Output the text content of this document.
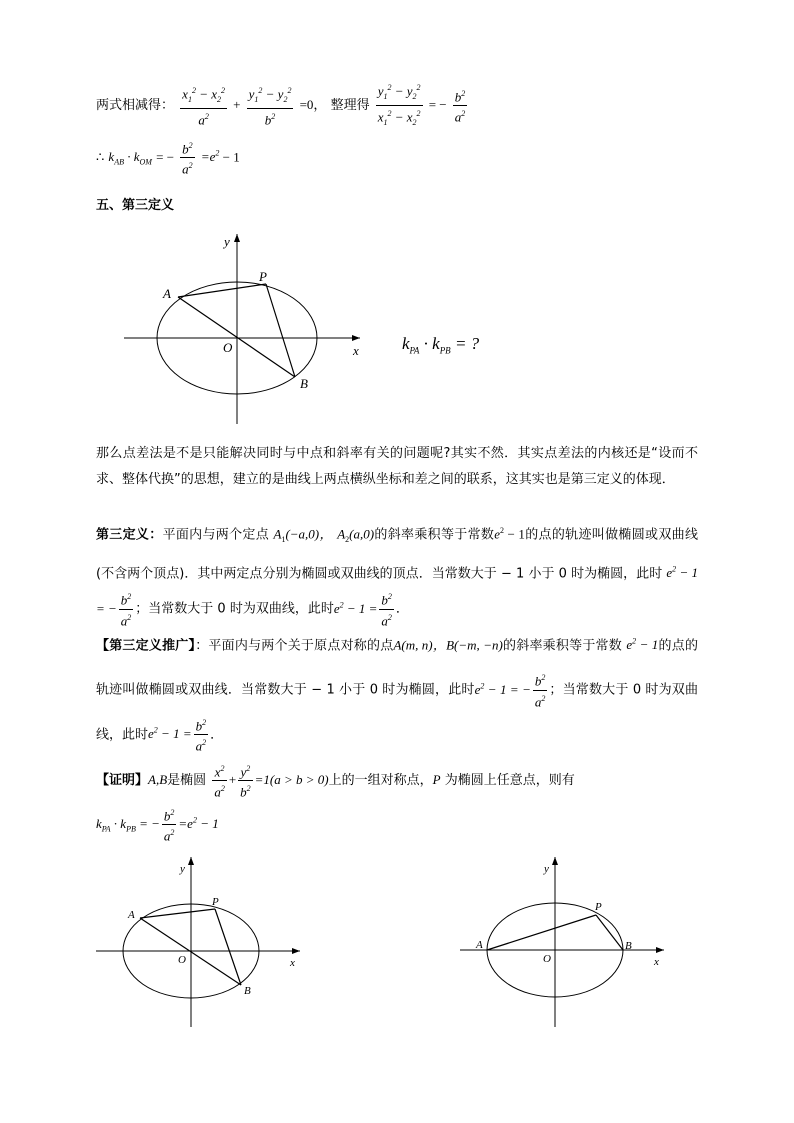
两式相减得： $\frac{x_1^2 - x_2^2}{a^2} + \frac{y_1^2 - y_2^2}{b^2} =0$， 整理得 $\frac{y_1^2 - y_2^2}{x_1^2 - x_2^2}$ = − $\frac{b^2}{a^2}$
∴ $k_{AB} \cdot k_{OM}$ = − $\frac{b^2}{a^2} =e^2 - 1$
五、第三定义
y
x
O
A
P
B
$k_{PA} \cdot k_{PB}$ = ?
那么点差法是不是只能解决同时与中点和斜率有关的问题呢?其实不然．其实点差法的内核还是“设而不求、整体代换”的思想，建立的是曲线上两点横纵坐标和差之间的联系，这其实也是第三定义的体现．
第三定义：平面内与两个定点 $A_1(-a,0)$， $A_2(a,0)$的斜率乘积等于常数$e^2 - 1$的点的轨迹叫做椭圆或双曲线(不含两个顶点)．其中两定点分别为椭圆或双曲线的顶点．当常数大于 − 1 小于 0 时为椭圆，此时 $e^2 - 1$ = − $\frac{b^2}{a^2}$ ；当常数大于 0 时为双曲线，此时$e^2 - 1 = \frac{b^2}{a^2}$ ．
【第三定义推广】：平面内与两个关于原点对称的点A(m, n)，B(−m, −n)的斜率乘积等于常数 $e^2 - 1$的点的轨迹叫做椭圆或双曲线．当常数大于 − 1 小于 0 时为椭圆，此时$e^2 - 1$ = − $\frac{b^2}{a^2}$ ；当常数大于 0 时为双曲线，此时$e^2 - 1 = \frac{b^2}{a^2}$ ．
【证明】A,B是椭圆 $\frac{x^2}{a^2} + \frac{y^2}{b^2} =1(a > b > 0)$上的一组对称点，P 为椭圆上任意点，则有
$k_{PA} \cdot k_{PB}$ = − $\frac{b^2}{a^2} =e^2 - 1$
y
x
O
A
P
B
y
x
O
A
P
B
